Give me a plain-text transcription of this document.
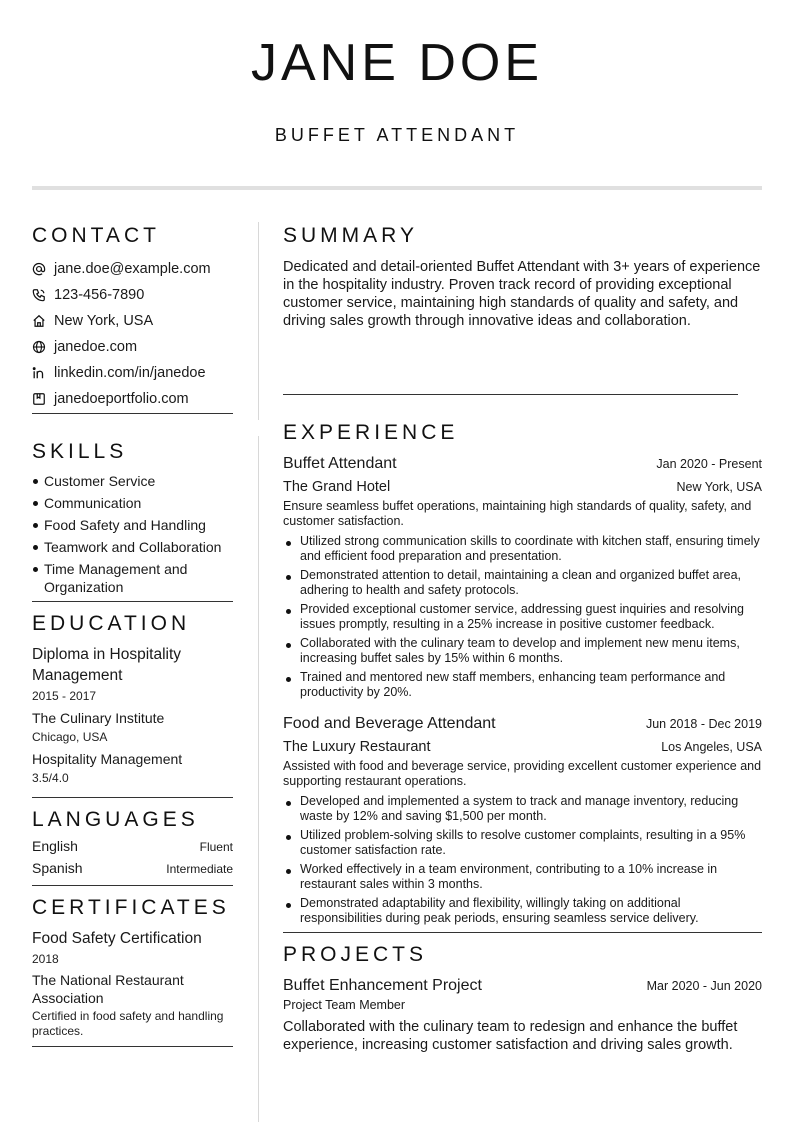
JANE DOE
BUFFET ATTENDANT
CONTACT
jane.doe@example.com
123-456-7890
New York, USA
janedoe.com
linkedin.com/in/janedoe
janedoeportfolio.com
SKILLS
Customer Service
Communication
Food Safety and Handling
Teamwork and Collaboration
Time Management and Organization
EDUCATION
Diploma in Hospitality Management
2015 - 2017
The Culinary Institute
Chicago, USA
Hospitality Management
3.5/4.0
LANGUAGES
English	Fluent
Spanish	Intermediate
CERTIFICATES
Food Safety Certification
2018
The National Restaurant Association
Certified in food safety and handling practices.
SUMMARY
Dedicated and detail-oriented Buffet Attendant with 3+ years of experience in the hospitality industry. Proven track record of providing exceptional customer service, maintaining high standards of quality and safety, and driving sales growth through innovative ideas and collaboration.
EXPERIENCE
Buffet Attendant	Jan 2020 - Present
The Grand Hotel	New York, USA
Ensure seamless buffet operations, maintaining high standards of quality, safety, and customer satisfaction.
Utilized strong communication skills to coordinate with kitchen staff, ensuring timely and efficient food preparation and presentation.
Demonstrated attention to detail, maintaining a clean and organized buffet area, adhering to health and safety protocols.
Provided exceptional customer service, addressing guest inquiries and resolving issues promptly, resulting in a 25% increase in positive customer feedback.
Collaborated with the culinary team to develop and implement new menu items, increasing buffet sales by 15% within 6 months.
Trained and mentored new staff members, enhancing team performance and productivity by 20%.
Food and Beverage Attendant	Jun 2018 - Dec 2019
The Luxury Restaurant	Los Angeles, USA
Assisted with food and beverage service, providing excellent customer experience and supporting restaurant operations.
Developed and implemented a system to track and manage inventory, reducing waste by 12% and saving $1,500 per month.
Utilized problem-solving skills to resolve customer complaints, resulting in a 95% customer satisfaction rate.
Worked effectively in a team environment, contributing to a 10% increase in restaurant sales within 3 months.
Demonstrated adaptability and flexibility, willingly taking on additional responsibilities during peak periods, ensuring seamless service delivery.
PROJECTS
Buffet Enhancement Project	Mar 2020 - Jun 2020
Project Team Member
Collaborated with the culinary team to redesign and enhance the buffet experience, increasing customer satisfaction and driving sales growth.
